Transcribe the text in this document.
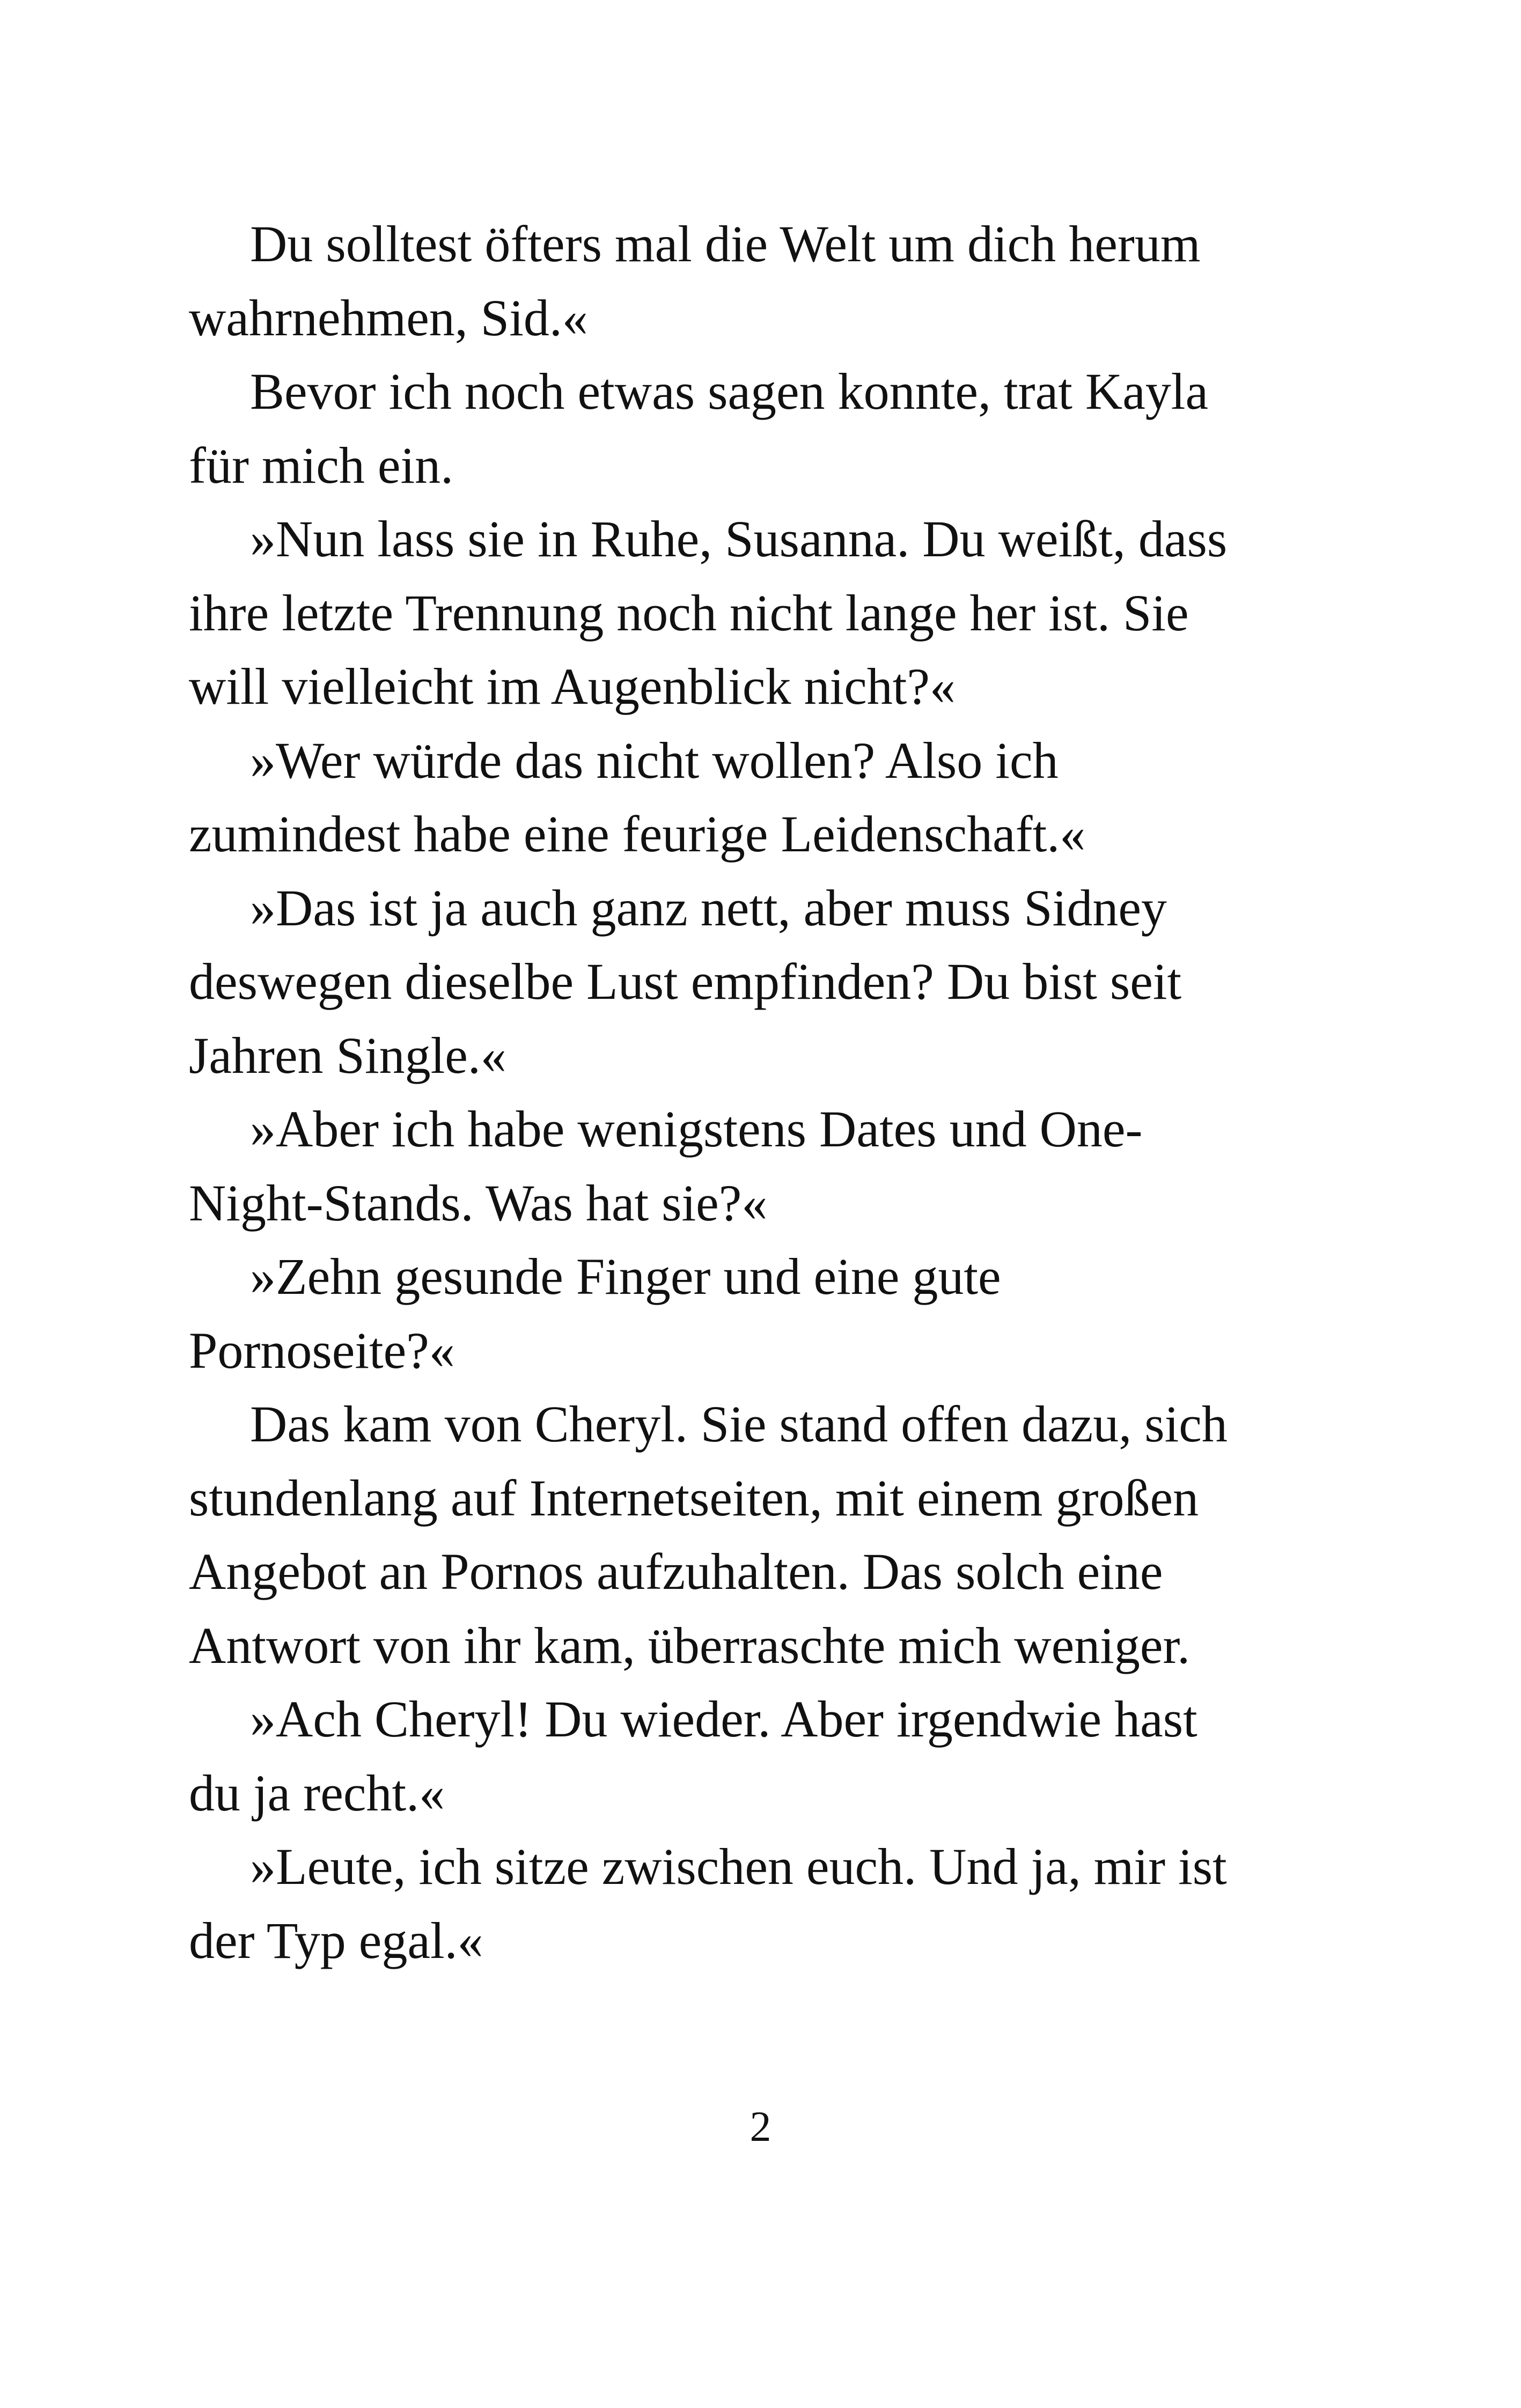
Du solltest öfters mal die Welt um dich herum

wahrnehmen, Sid.«

Bevor ich noch etwas sagen konnte, trat Kayla

für mich ein.

»Nun lass sie in Ruhe, Susanna. Du weißt, dass

ihre letzte Trennung noch nicht lange her ist. Sie

will vielleicht im Augenblick nicht?«

»Wer würde das nicht wollen? Also ich

zumindest habe eine feurige Leidenschaft.«

»Das ist ja auch ganz nett, aber muss Sidney

deswegen dieselbe Lust empfinden? Du bist seit

Jahren Single.«

»Aber ich habe wenigstens Dates und One-

Night-Stands. Was hat sie?«

»Zehn gesunde Finger und eine gute

Pornoseite?«

Das kam von Cheryl. Sie stand offen dazu, sich

stundenlang auf Internetseiten, mit einem großen

Angebot an Pornos aufzuhalten. Das solch eine

Antwort von ihr kam, überraschte mich weniger.

»Ach Cheryl! Du wieder. Aber irgendwie hast

du ja recht.«

»Leute, ich sitze zwischen euch. Und ja, mir ist

der Typ egal.«

2
